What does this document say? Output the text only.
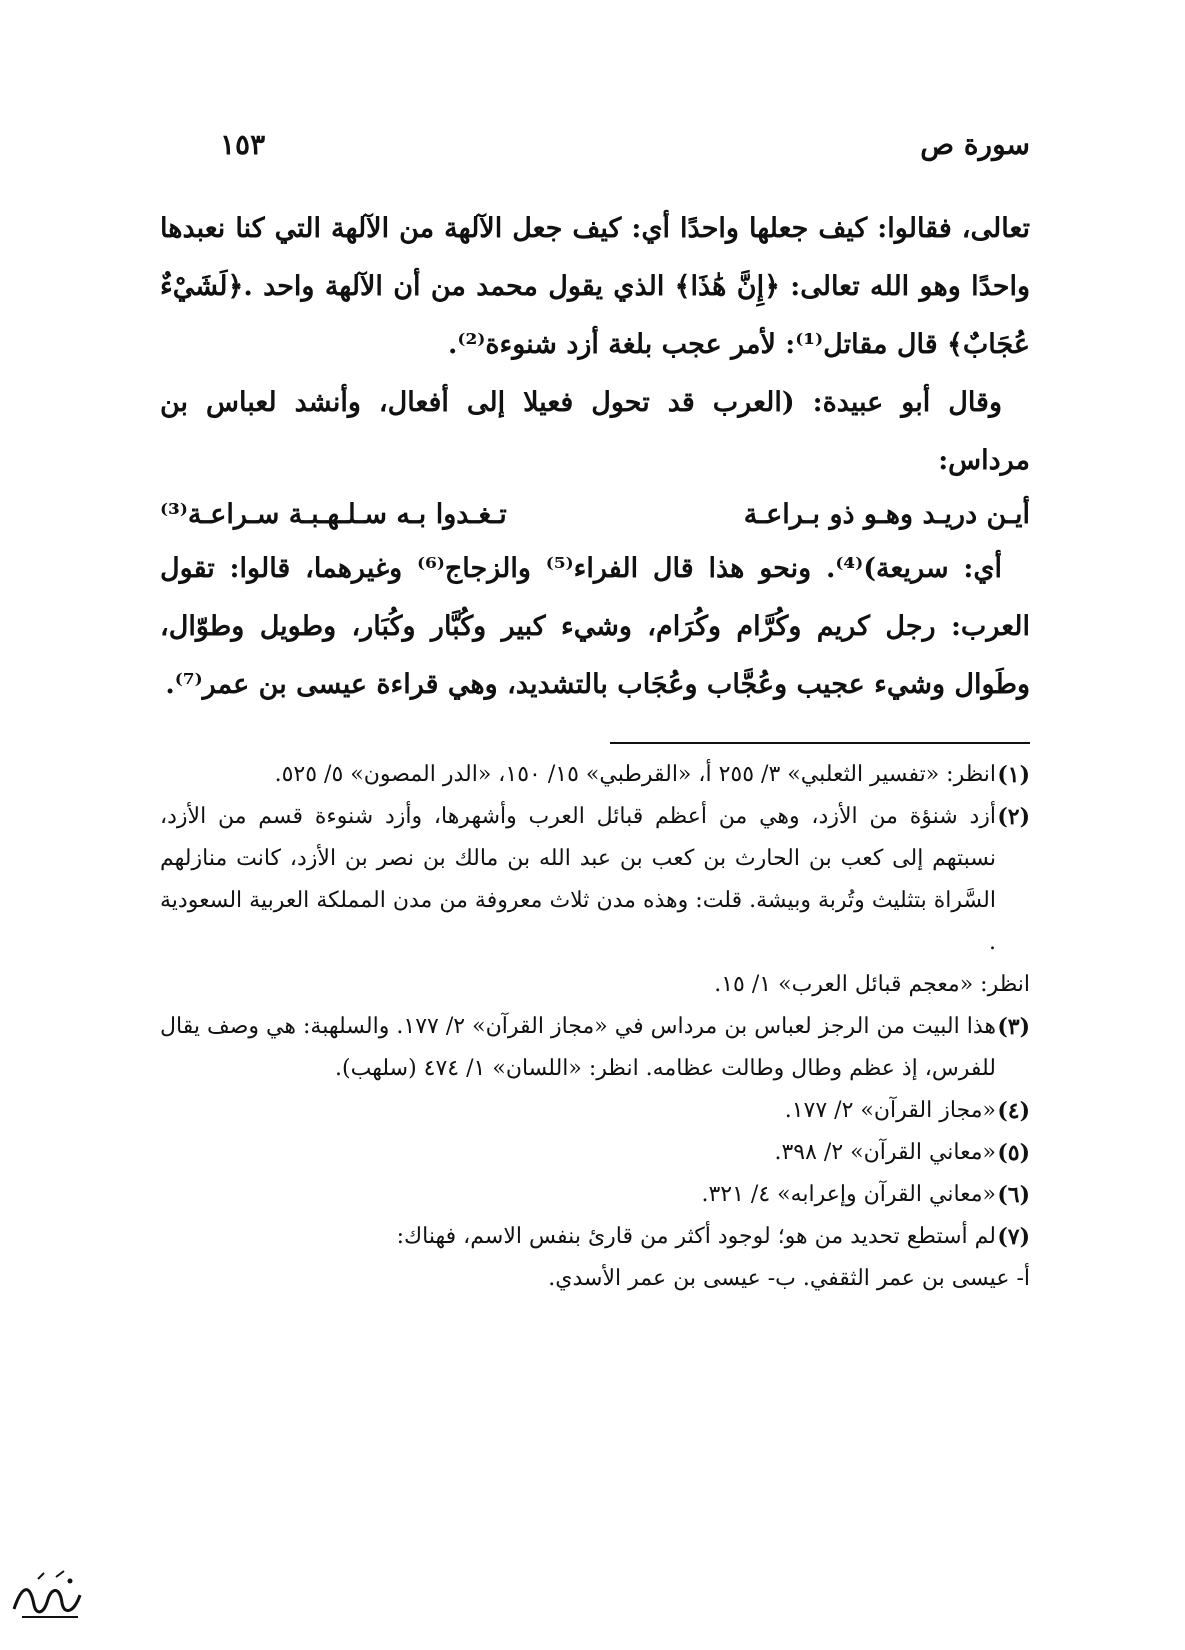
سورة ص
١٥٣

تعالى، فقالوا: كيف جعلها واحدًا أي: كيف جعل الآلهة من الآلهة التي كنا نعبدها واحدًا وهو الله تعالى: ﴿إِنَّ هَٰذَا﴾ الذي يقول محمد من أن الآلهة واحد .﴿لَشَيْءٌ عُجَابٌ﴾ قال مقاتل⁽¹⁾: لأمر عجب بلغة أزد شنوءة⁽²⁾.

وقال أبو عبيدة: (العرب قد تحول فعيلا إلى أفعال، وأنشد لعباس بن مرداس:

أيـن دريـد وهـو ذو بـراعـة
تـغـدوا بـه سـلـهـبـة سـراعـة⁽³⁾

أي: سريعة)⁽⁴⁾. ونحو هذا قال الفراء⁽⁵⁾ والزجاج⁽⁶⁾ وغيرهما، قالوا: تقول العرب: رجل كريم وكُرَّام وكُرَام، وشيء كبير وكُبَّار وكُبَار، وطويل وطوّال، وطَوال وشيء عجيب وعُجَّاب وعُجَاب بالتشديد، وهي قراءة عيسى بن عمر⁽⁷⁾.

(١)
انظر: «تفسير الثعلبي» ٣/ ٢٥٥ أ، «القرطبي» ١٥/ ١٥٠، «الدر المصون» ٥/ ٥٢٥.
(٢)
أزد شنؤة من الأزد، وهي من أعظم قبائل العرب وأشهرها، وأزد شنوءة قسم من الأزد، نسبتهم إلى كعب بن الحارث بن كعب بن عبد الله بن مالك بن نصر بن الأزد، كانت منازلهم السَّراة بتثليث وتُربة وبيشة. قلت: وهذه مدن ثلاث معروفة من مدن المملكة العربية السعودية .
انظر: «معجم قبائل العرب» ١/ ١٥.
(٣)
هذا البيت من الرجز لعباس بن مرداس في «مجاز القرآن» ٢/ ١٧٧. والسلهبة: هي وصف يقال للفرس، إذ عظم وطال وطالت عظامه. انظر: «اللسان» ١/ ٤٧٤ (سلهب).
(٤)
«مجاز القرآن» ٢/ ١٧٧.
(٥)
«معاني القرآن» ٢/ ٣٩٨.
(٦)
«معاني القرآن وإعرابه» ٤/ ٣٢١.
(٧)
لم أستطع تحديد من هو؛ لوجود أكثر من قارئ بنفس الاسم، فهناك:
أ- عيسى بن عمر الثقفي. ب- عيسى بن عمر الأسدي.
